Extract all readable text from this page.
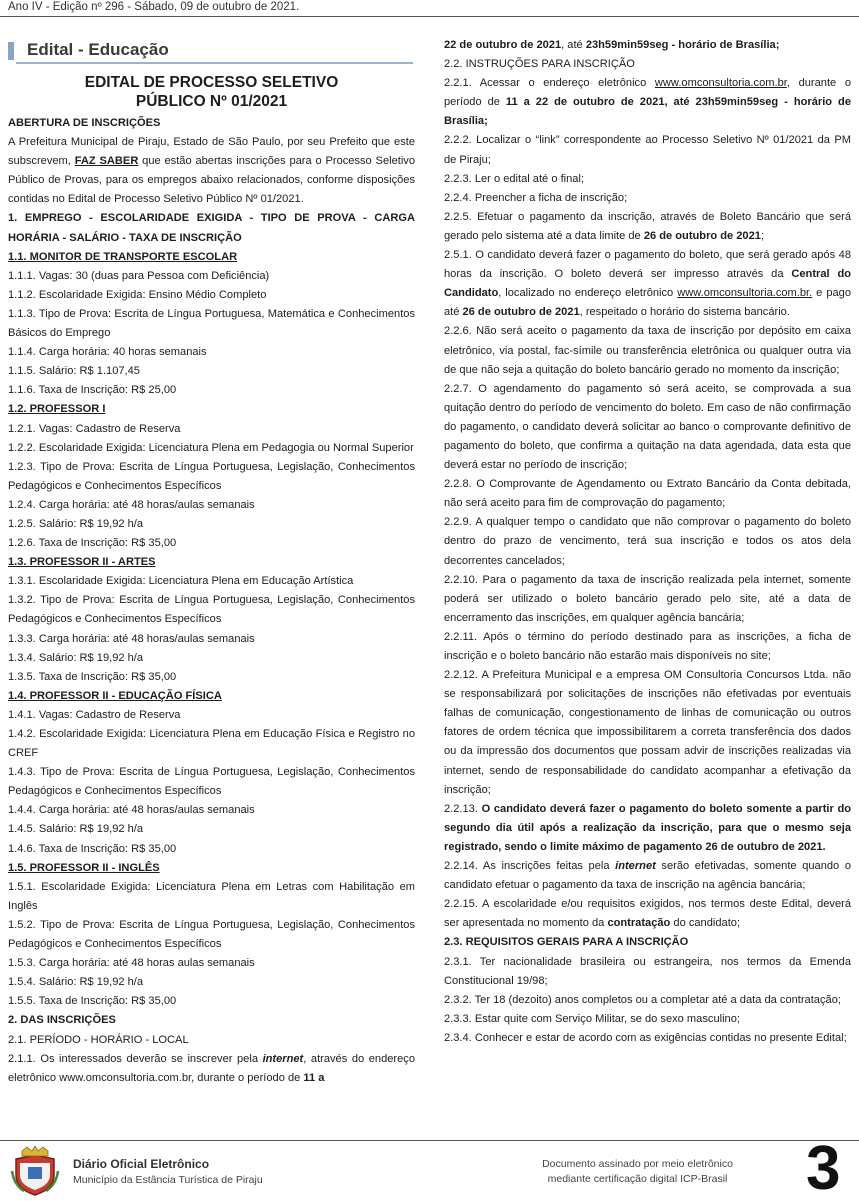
Ano IV - Edição nº 296 - Sábado, 09 de outubro de 2021.
Edital - Educação
EDITAL DE PROCESSO SELETIVO
PÚBLICO Nº 01/2021

ABERTURA DE INSCRIÇÕES

A Prefeitura Municipal de Piraju, Estado de São Paulo, por seu Prefeito que este subscrevem, FAZ SABER que estão abertas inscrições para o Processo Seletivo Público de Provas, para os empregos abaixo relacionados, conforme disposições contidas no Edital de Processo Seletivo Público Nº 01/2021.

1. EMPREGO - ESCOLARIDADE EXIGIDA - TIPO DE PROVA - CARGA HORÁRIA - SALÁRIO - TAXA DE INSCRIÇÃO

1.1. MONITOR DE TRANSPORTE ESCOLAR

1.1.1. Vagas: 30 (duas para Pessoa com Deficiência)

1.1.2. Escolaridade Exigida: Ensino Médio Completo

1.1.3. Tipo de Prova: Escrita de Língua Portuguesa, Matemática e Conhecimentos Básicos do Emprego

1.1.4. Carga horária: 40 horas semanais

1.1.5. Salário: R$ 1.107,45

1.1.6. Taxa de Inscrição: R$ 25,00

1.2. PROFESSOR I

1.2.1. Vagas: Cadastro de Reserva

1.2.2. Escolaridade Exigida: Licenciatura Plena em Pedagogia ou Normal Superior

1.2.3. Tipo de Prova: Escrita de Língua Portuguesa, Legislação, Conhecimentos Pedagógicos e Conhecimentos Específicos

1.2.4. Carga horária: até 48 horas/aulas semanais

1.2.5. Salário: R$ 19,92 h/a

1.2.6. Taxa de Inscrição: R$ 35,00

1.3. PROFESSOR II - ARTES

1.3.1. Escolaridade Exigida: Licenciatura Plena em Educação Artística

1.3.2. Tipo de Prova: Escrita de Língua Portuguesa, Legislação, Conhecimentos Pedagógicos e Conhecimentos Específicos

1.3.3. Carga horária: até 48 horas/aulas semanais

1.3.4. Salário: R$ 19,92 h/a

1.3.5. Taxa de Inscrição: R$ 35,00

1.4. PROFESSOR II - EDUCAÇÃO FÍSICA

1.4.1. Vagas: Cadastro de Reserva

1.4.2. Escolaridade Exigida: Licenciatura Plena em Educação Física e Registro no CREF

1.4.3. Tipo de Prova: Escrita de Língua Portuguesa, Legislação, Conhecimentos Pedagógicos e Conhecimentos Específicos

1.4.4. Carga horária: até 48 horas/aulas semanais

1.4.5. Salário: R$ 19,92 h/a

1.4.6. Taxa de Inscrição: R$ 35,00

1.5. PROFESSOR II - INGLÊS

1.5.1. Escolaridade Exigida: Licenciatura Plena em Letras com Habilitação em Inglês

1.5.2. Tipo de Prova: Escrita de Língua Portuguesa, Legislação, Conhecimentos Pedagógicos e Conhecimentos Específicos

1.5.3. Carga horária: até 48 horas aulas semanais

1.5.4. Salário: R$ 19,92 h/a

1.5.5. Taxa de Inscrição: R$ 35,00

2. DAS INSCRIÇÕES

2.1. PERÍODO - HORÁRIO - LOCAL

2.1.1. Os interessados deverão se inscrever pela internet, através do endereço eletrônico www.omconsultoria.com.br, durante o período de 11 a

22 de outubro de 2021, até 23h59min59seg - horário de Brasília;

2.2. INSTRUÇÕES PARA INSCRIÇÃO

2.2.1. Acessar o endereço eletrônico www.omconsultoria.com.br, durante o período de 11 a 22 de outubro de 2021, até 23h59min59seg - horário de Brasília;

2.2.2. Localizar o “link” correspondente ao Processo Seletivo Nº 01/2021 da PM de Piraju;

2.2.3. Ler o edital até o final;

2.2.4. Preencher a ficha de inscrição;

2.2.5. Efetuar o pagamento da inscrição, através de Boleto Bancário que será gerado pelo sistema até a data limite de 26 de outubro de 2021;

2.5.1. O candidato deverá fazer o pagamento do boleto, que será gerado após 48 horas da inscrição. O boleto deverá ser impresso através da Central do Candidato, localizado no endereço eletrônico www.omconsultoria.com.br. e pago até 26 de outubro de 2021, respeitado o horário do sistema bancário.

2.2.6. Não será aceito o pagamento da taxa de inscrição por depósito em caixa eletrônico, via postal, fac-símile ou transferência eletrônica ou qualquer outra via de que não seja a quitação do boleto bancário gerado no momento da inscrição;

2.2.7. O agendamento do pagamento só será aceito, se comprovada a sua quitação dentro do período de vencimento do boleto. Em caso de não confirmação do pagamento, o candidato deverá solicitar ao banco o comprovante definitivo de pagamento do boleto, que confirma a quitação na data agendada, data esta que deverá estar no período de inscrição;

2.2.8. O Comprovante de Agendamento ou Extrato Bancário da Conta debitada, não será aceito para fim de comprovação do pagamento;

2.2.9. A qualquer tempo o candidato que não comprovar o pagamento do boleto dentro do prazo de vencimento, terá sua inscrição e todos os atos dela decorrentes cancelados;

2.2.10. Para o pagamento da taxa de inscrição realizada pela internet, somente poderá ser utilizado o boleto bancário gerado pelo site, até a data de encerramento das inscrições, em qualquer agência bancária;

2.2.11. Após o término do período destinado para as inscrições, a ficha de inscrição e o boleto bancário não estarão mais disponíveis no site;

2.2.12. A Prefeitura Municipal e a empresa OM Consultoria Concursos Ltda. não se responsabilizará por solicitações de inscrições não efetivadas por eventuais falhas de comunicação, congestionamento de linhas de comunicação ou outros fatores de ordem técnica que impossibilitarem a correta transferência dos dados ou da impressão dos documentos que possam advir de inscrições realizadas via internet, sendo de responsabilidade do candidato acompanhar a efetivação da inscrição;

2.2.13. O candidato deverá fazer o pagamento do boleto somente a partir do segundo dia útil após a realização da inscrição, para que o mesmo seja registrado, sendo o limite máximo de pagamento 26 de outubro de 2021.

2.2.14. As inscrições feitas pela internet serão efetivadas, somente quando o candidato efetuar o pagamento da taxa de inscrição na agência bancária;

2.2.15. A escolaridade e/ou requisitos exigidos, nos termos deste Edital, deverá ser apresentada no momento da contratação do candidato;

2.3. REQUISITOS GERAIS PARA A INSCRIÇÃO

2.3.1. Ter nacionalidade brasileira ou estrangeira, nos termos da Emenda Constitucional 19/98;

2.3.2. Ter 18 (dezoito) anos completos ou a completar até a data da contratação;

2.3.3. Estar quite com Serviço Militar, se do sexo masculino;

2.3.4. Conhecer e estar de acordo com as exigências contidas no presente Edital;

Diário Oficial Eletrônico
Município da Estância Turística de Piraju
Documento assinado por meio eletrônico
mediante certificação digital ICP-Brasil	3
